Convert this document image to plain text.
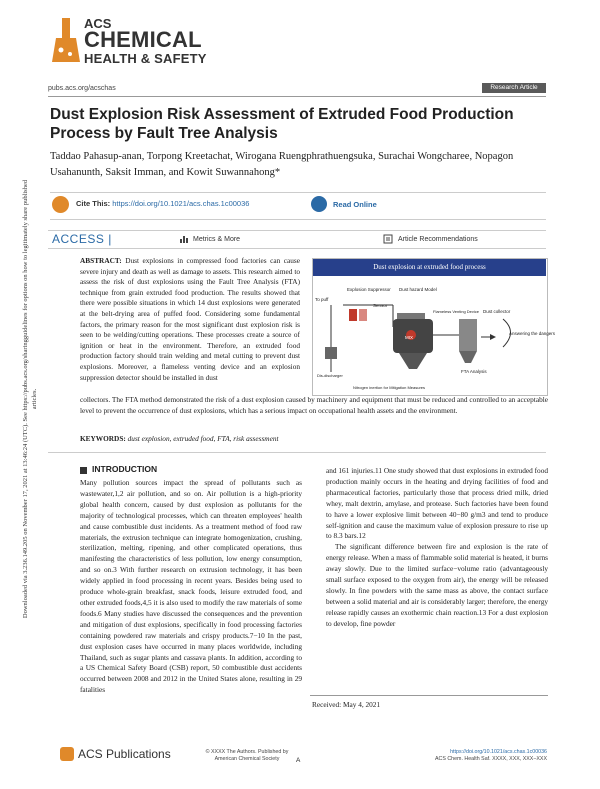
Downloaded via 3.236.149.205 on November 17, 2021 at 13:46:24 (UTC). See https://pubs.acs.org/sharingguidelines for options on how to legitimately share published articles.
ACS
CHEMICAL
HEALTH & SAFETY
pubs.acs.org/acschas	Research Article
Dust Explosion Risk Assessment of Extruded Food Production Process by Fault Tree Analysis
Taddao Pahasup-anan, Torpong Kreetachat, Wirogana Ruengphrathuengsuka, Surachai Wongcharee, Nopagon Usahanunth, Saksit Imman, and Kowit Suwannahong*
Cite This: https://doi.org/10.1021/acs.chas.1c00036	Read Online
ACCESS |	Metrics & More	Article Recommendations
ABSTRACT: Dust explosions in compressed food factories can cause severe injury and death as well as damage to assets. This research aimed to assess the risk of dust explosions using the Fault Tree Analysis (FTA) technique from grain extruded food production. The results showed that there were possible situations in which 14 dust explosions were generated at the belt-drying area of puffed food. Considering some fundamental factors, the primary reason for the most significant dust explosion risk is seen to be welding/cutting operations. These processes create a source of ignition or heat in the environment. Therefore, an extruded food production factory should train welding and metal cutting to prevent dust explosions. Moreover, a flameless venting device and an explosion suppression detector should be installed in dust
Dust explosion at extruded food process
To puff
Explosion Suppressor Dust hazard Model
Sensor
MIX
Flameless Venting Device Dust collector
Answering the dangers
FTA Analysis
Dis-discharger
Nitrogen inertion for Mitigation Measures
collectors. The FTA method demonstrated the risk of a dust explosion caused by machinery and equipment that must be reduced and controlled to an acceptable level to prevent the occurrence of dust explosions, which has a serious impact on occupational health assets and the environment.
KEYWORDS: dust explosion, extruded food, FTA, risk assessment
INTRODUCTION

Many pollution sources impact the spread of pollutants such as wastewater,1,2 air pollution, and so on. Air pollution is a high-priority global health concern, caused by dust explosion as pollutants for the majority of technological processes, which can threaten employees' health and cause combustible dust incidents. As a treatment method of food raw materials, the extrusion technique can integrate homogenization, crushing, sterilization, melting, ripening, and other complicated operations, thus manifesting the characteristics of less pollution, low energy consumption, and so on.3 With further research on extrusion technology, it has been widely applied in food processing in recent years. Besides being used to produce whole-grain breakfast, snack foods, leisure extruded food, and other extruded foods,4,5 it is also used to modify the raw materials of some foods.6 Many studies have discussed the consequences and the prevention and mitigation of dust explosions, specifically in food processing factories containing powdered raw materials and crispy products.7−10 In the past, dust explosion cases have occurred in many places worldwide, including Thailand, such as sugar plants and cassava plants. In addition, according to a US Chemical Safety Board (CSB) report, 50 combustible dust accidents occurred between 2008 and 2012 in the United States alone, resulting in 29 fatalities

and 161 injuries.11 One study showed that dust explosions in extruded food production mainly occurs in the heating and drying facilities of food and pharmaceutical factories, particularly those that process dried milk, dried whey, malt dextrin, amylase, and protease. Such factories have been found to have a lower explosive limit between 40−80 g/m3 and tend to produce self-ignition and cause the maximum value of explosion pressure to rise up to 8.3 bars.12

The significant difference between fire and explosion is the rate of energy release. When a mass of flammable solid material is heated, it burns away slowly. Due to the limited surface−volume ratio (advantageously small surface exposed to the oxygen from air), the energy will be released slowly. In fine powders with the same mass as above, the contact surface between a solid material and air is considerably larger; therefore, the energy release rapidly causes an exothermic chain reaction.13 For a dust explosion to develop, fine powder

Received: May 4, 2021
ACS Publications	© XXXX The Authors. Published by American Chemical Society	A
https://doi.org/10.1021/acs.chas.1c00036
ACS Chem. Health Saf. XXXX, XXX, XXX−XXX
